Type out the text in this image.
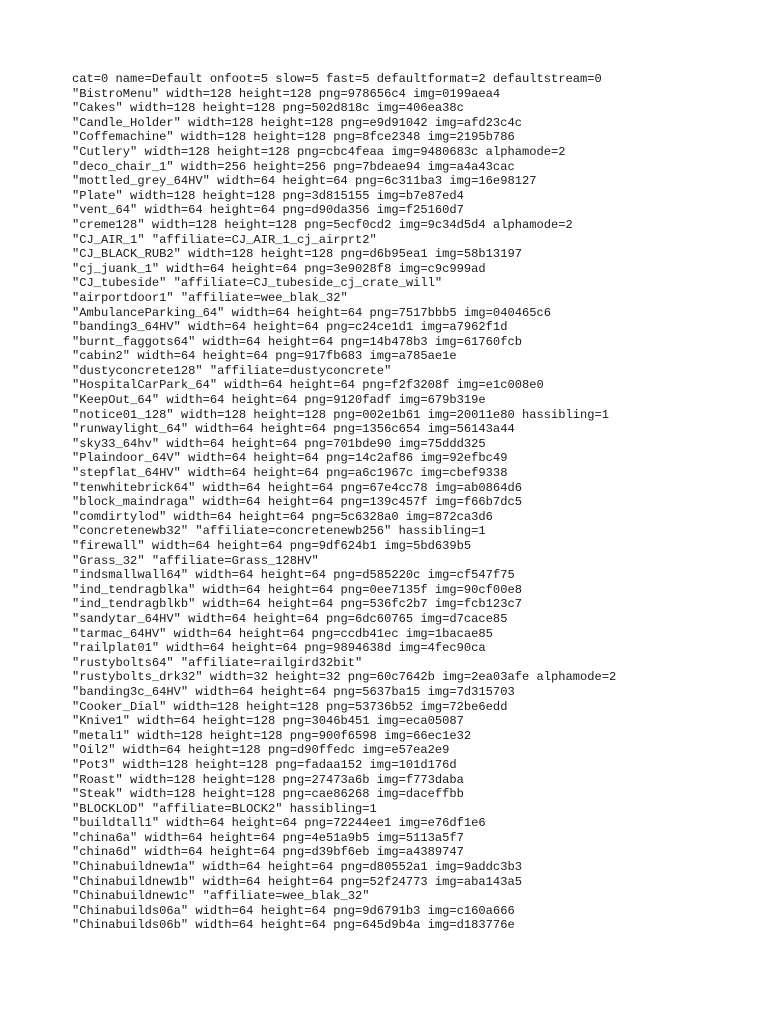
cat=0 name=Default onfoot=5 slow=5 fast=5 defaultformat=2 defaultstream=0
"BistroMenu" width=128 height=128 png=978656c4 img=0199aea4
"Cakes" width=128 height=128 png=502d818c img=406ea38c
"Candle_Holder" width=128 height=128 png=e9d91042 img=afd23c4c
"Coffemachine" width=128 height=128 png=8fce2348 img=2195b786
"Cutlery" width=128 height=128 png=cbc4feaa img=9480683c alphamode=2
"deco_chair_1" width=256 height=256 png=7bdeae94 img=a4a43cac
"mottled_grey_64HV" width=64 height=64 png=6c311ba3 img=16e98127
"Plate" width=128 height=128 png=3d815155 img=b7e87ed4
"vent_64" width=64 height=64 png=d90da356 img=f25160d7
"creme128" width=128 height=128 png=5ecf0cd2 img=9c34d5d4 alphamode=2
"CJ_AIR_1" "affiliate=CJ_AIR_1_cj_airprt2"
"CJ_BLACK_RUB2" width=128 height=128 png=d6b95ea1 img=58b13197
"cj_juank_1" width=64 height=64 png=3e9028f8 img=c9c999ad
"CJ_tubeside" "affiliate=CJ_tubeside_cj_crate_will"
"airportdoor1" "affiliate=wee_blak_32"
"AmbulanceParking_64" width=64 height=64 png=7517bbb5 img=040465c6
"banding3_64HV" width=64 height=64 png=c24ce1d1 img=a7962f1d
"burnt_faggots64" width=64 height=64 png=14b478b3 img=61760fcb
"cabin2" width=64 height=64 png=917fb683 img=a785ae1e
"dustyconcrete128" "affiliate=dustyconcrete"
"HospitalCarPark_64" width=64 height=64 png=f2f3208f img=e1c008e0
"KeepOut_64" width=64 height=64 png=9120fadf img=679b319e
"notice01_128" width=128 height=128 png=002e1b61 img=20011e80 hassibling=1
"runwaylight_64" width=64 height=64 png=1356c654 img=56143a44
"sky33_64hv" width=64 height=64 png=701bde90 img=75ddd325
"Plaindoor_64V" width=64 height=64 png=14c2af86 img=92efbc49
"stepflat_64HV" width=64 height=64 png=a6c1967c img=cbef9338
"tenwhitebrick64" width=64 height=64 png=67e4cc78 img=ab0864d6
"block_maindraga" width=64 height=64 png=139c457f img=f66b7dc5
"comdirtylod" width=64 height=64 png=5c6328a0 img=872ca3d6
"concretenewb32" "affiliate=concretenewb256" hassibling=1
"firewall" width=64 height=64 png=9df624b1 img=5bd639b5
"Grass_32" "affiliate=Grass_128HV"
"indsmallwall64" width=64 height=64 png=d585220c img=cf547f75
"ind_tendragblka" width=64 height=64 png=0ee7135f img=90cf00e8
"ind_tendragblkb" width=64 height=64 png=536fc2b7 img=fcb123c7
"sandytar_64HV" width=64 height=64 png=6dc60765 img=d7cace85
"tarmac_64HV" width=64 height=64 png=ccdb41ec img=1bacae85
"railplat01" width=64 height=64 png=9894638d img=4fec90ca
"rustybolts64" "affiliate=railgird32bit"
"rustybolts_drk32" width=32 height=32 png=60c7642b img=2ea03afe alphamode=2
"banding3c_64HV" width=64 height=64 png=5637ba15 img=7d315703
"Cooker_Dial" width=128 height=128 png=53736b52 img=72be6edd
"Knive1" width=64 height=128 png=3046b451 img=eca05087
"metal1" width=128 height=128 png=900f6598 img=66ec1e32
"Oil2" width=64 height=128 png=d90ffedc img=e57ea2e9
"Pot3" width=128 height=128 png=fadaa152 img=101d176d
"Roast" width=128 height=128 png=27473a6b img=f773daba
"Steak" width=128 height=128 png=cae86268 img=daceffbb
"BLOCKLOD" "affiliate=BLOCK2" hassibling=1
"buildtall1" width=64 height=64 png=72244ee1 img=e76df1e6
"china6a" width=64 height=64 png=4e51a9b5 img=5113a5f7
"china6d" width=64 height=64 png=d39bf6eb img=a4389747
"Chinabuildnew1a" width=64 height=64 png=d80552a1 img=9addc3b3
"Chinabuildnew1b" width=64 height=64 png=52f24773 img=aba143a5
"Chinabuildnew1c" "affiliate=wee_blak_32"
"Chinabuilds06a" width=64 height=64 png=9d6791b3 img=c160a666
"Chinabuilds06b" width=64 height=64 png=645d9b4a img=d183776e
